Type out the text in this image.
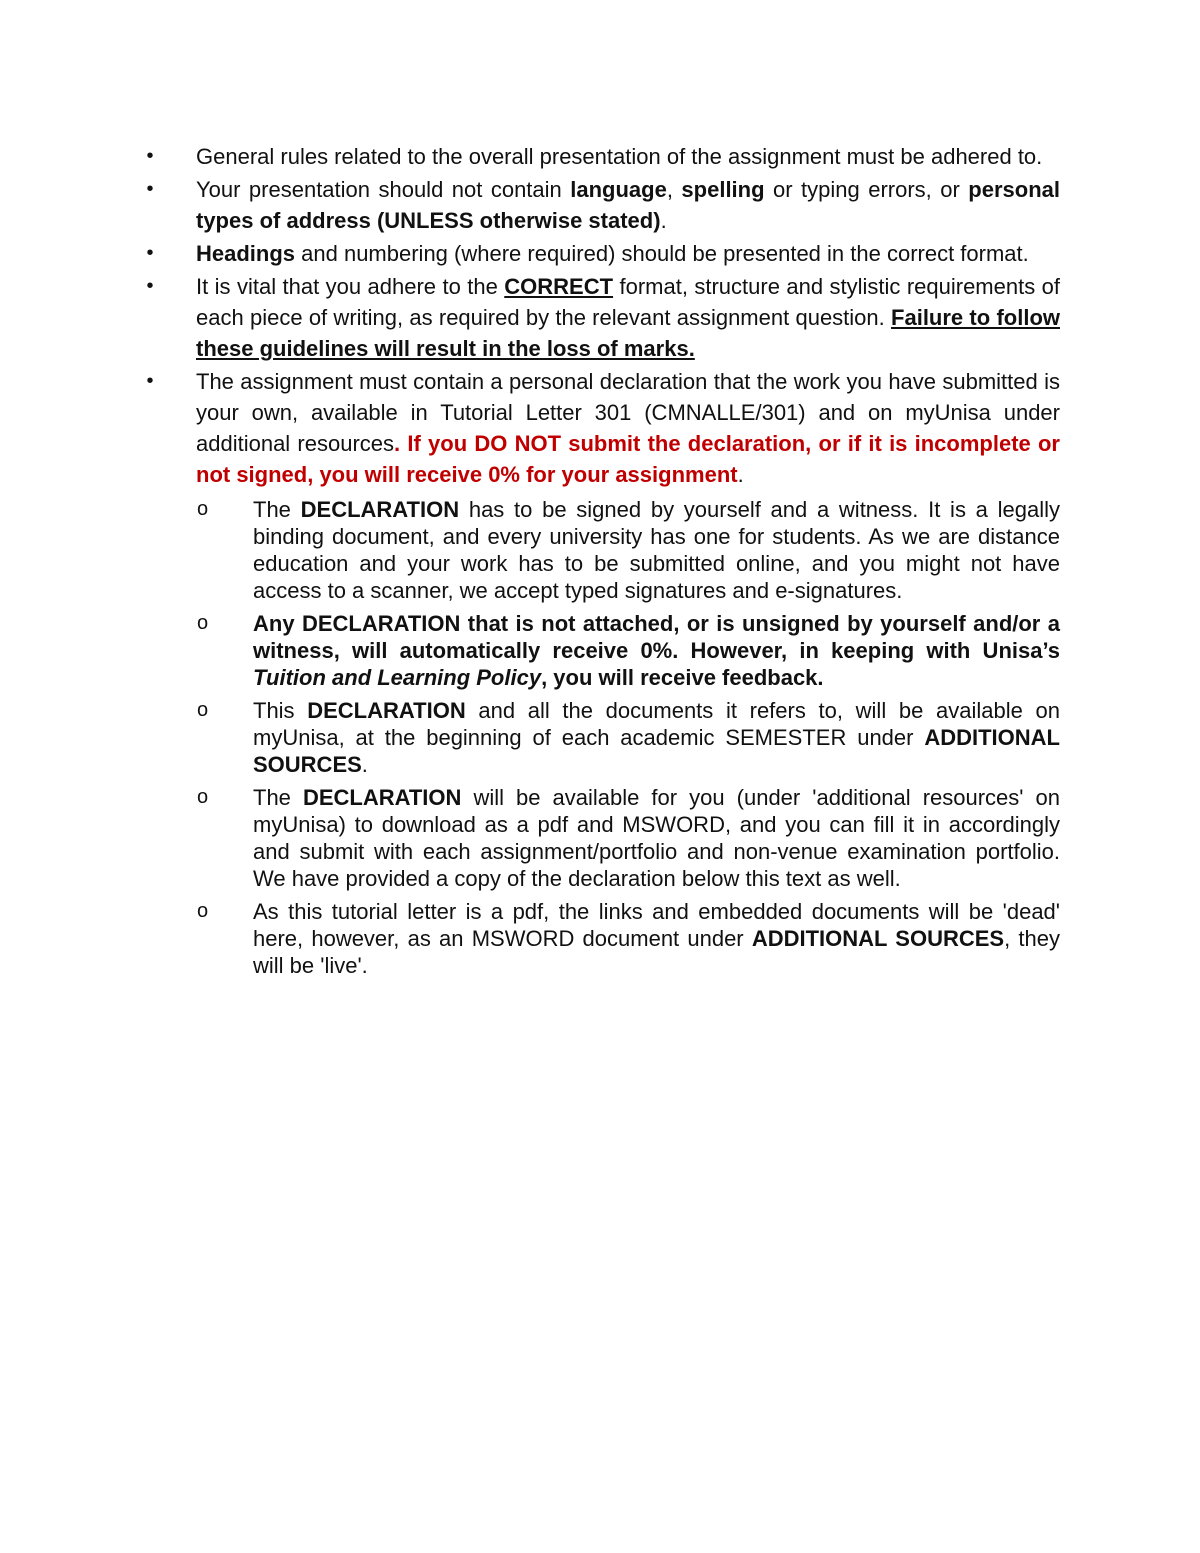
• General rules related to the overall presentation of the assignment must be adhered to.
• Your presentation should not contain language, spelling or typing errors, or personal types of address (UNLESS otherwise stated).
• Headings and numbering (where required) should be presented in the correct format.
• It is vital that you adhere to the CORRECT format, structure and stylistic requirements of each piece of writing, as required by the relevant assignment question. Failure to follow these guidelines will result in the loss of marks.
• The assignment must contain a personal declaration that the work you have submitted is your own, available in Tutorial Letter 301 (CMNALLE/301) and on myUnisa under additional resources. If you DO NOT submit the declaration, or if it is incomplete or not signed, you will receive 0% for your assignment.
o The DECLARATION has to be signed by yourself and a witness. It is a legally binding document, and every university has one for students. As we are distance education and your work has to be submitted online, and you might not have access to a scanner, we accept typed signatures and e-signatures.
o Any DECLARATION that is not attached, or is unsigned by yourself and/or a witness, will automatically receive 0%. However, in keeping with Unisa’s Tuition and Learning Policy, you will receive feedback.
o This DECLARATION and all the documents it refers to, will be available on myUnisa, at the beginning of each academic SEMESTER under ADDITIONAL SOURCES.
o The DECLARATION will be available for you (under 'additional resources' on myUnisa) to download as a pdf and MSWORD, and you can fill it in accordingly and submit with each assignment/portfolio and non-venue examination portfolio. We have provided a copy of the declaration below this text as well.
o As this tutorial letter is a pdf, the links and embedded documents will be 'dead' here, however, as an MSWORD document under ADDITIONAL SOURCES, they will be 'live'.
